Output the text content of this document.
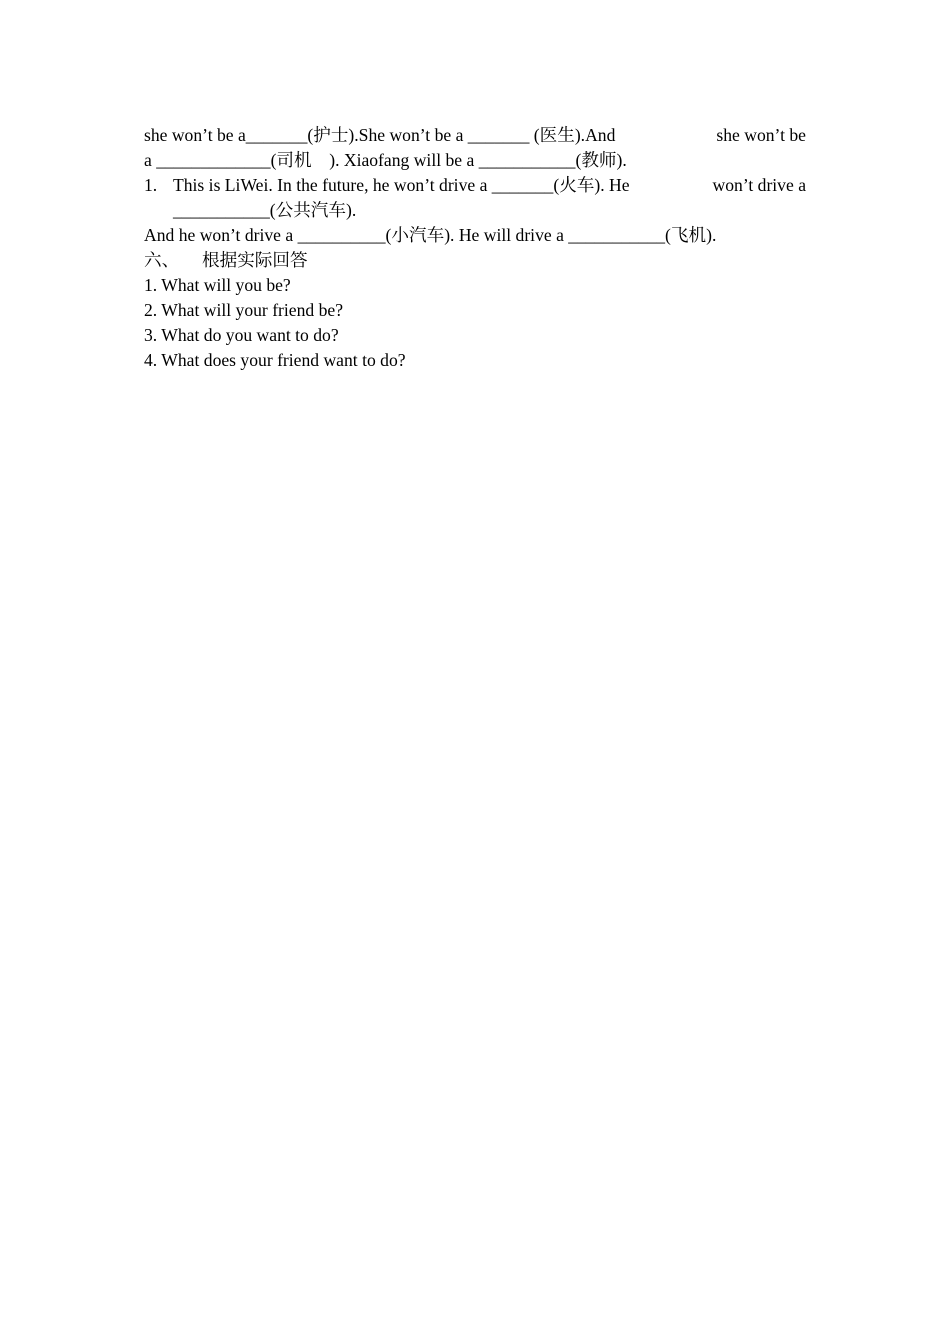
she won’t be a_______(护士).She won’t be a _______ (医生).And	she won’t be
a _____________(司机　). Xiaofang will be a ___________(教师).
1. This is LiWei. In the future, he won’t drive a _______(火车). He	won’t drive a
___________(公共汽车).
And he won’t drive a __________(小汽车). He will drive a ___________(飞机).
六、 根据实际回答
1. What will you be?
2. What will your friend be?
3. What do you want to do?
4. What does your friend want to do?
